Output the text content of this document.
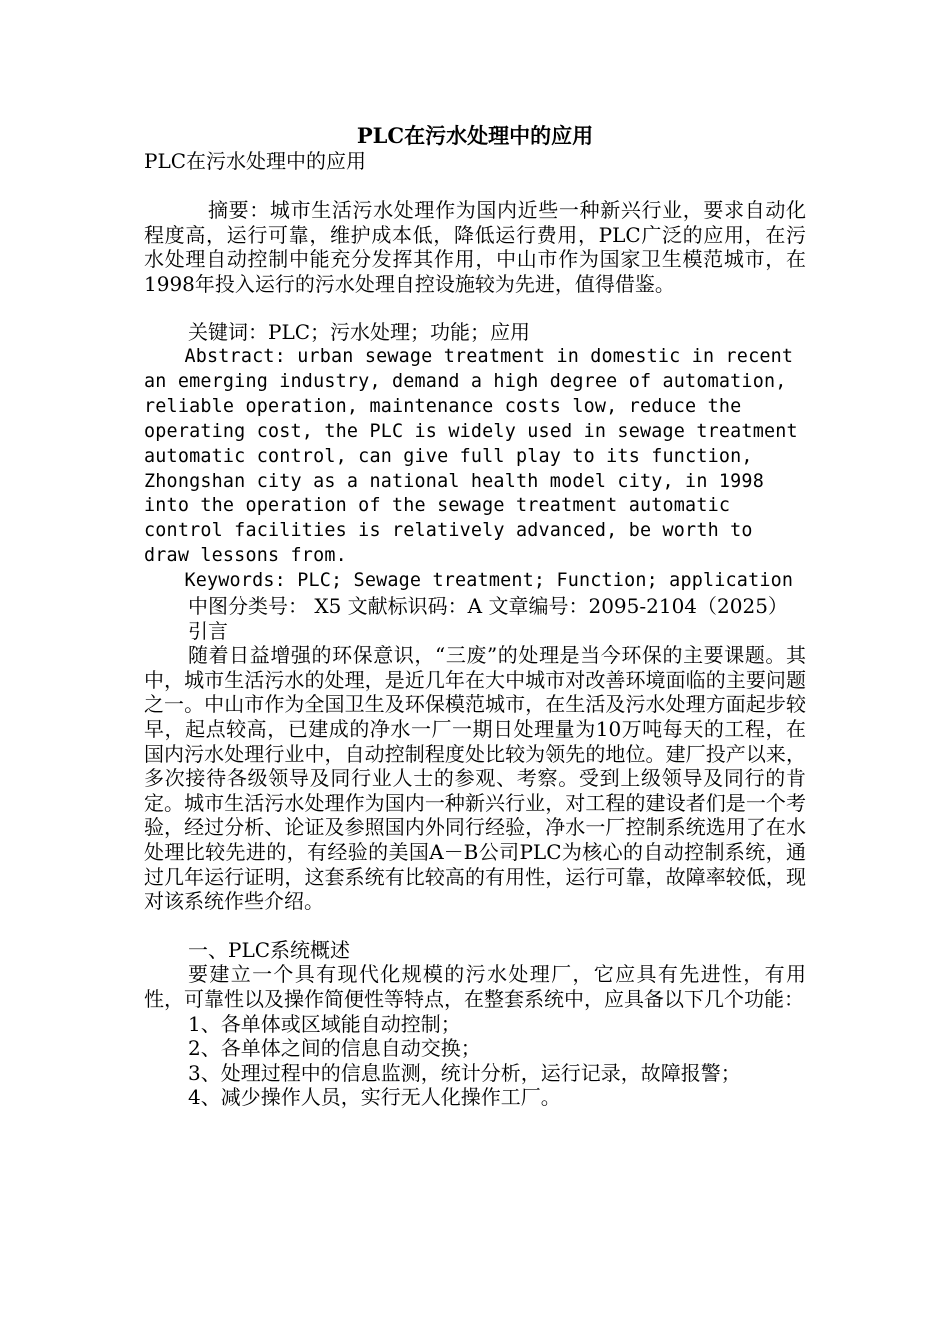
PLC在污水处理中的应用
PLC在污水处理中的应用

摘要：城市生活污水处理作为国内近些一种新兴行业，要求自动化程度高，运行可靠，维护成本低，降低运行费用，PLC广泛的应用，在污水处理自动控制中能充分发挥其作用，中山市作为国家卫生模范城市，在1998年投入运行的污水处理自控设施较为先进，值得借鉴。

关键词：PLC；污水处理；功能；应用

Abstract: urban sewage treatment in domestic in recent an emerging industry, demand a high degree of automation, reliable operation, maintenance costs low, reduce the operating cost, the PLC is widely used in sewage treatment automatic control, can give full play to its function, Zhongshan city as a national health model city, in 1998 into the operation of the sewage treatment automatic control facilities is relatively advanced, be worth to draw lessons from.

Keywords: PLC; Sewage treatment; Function; application

中图分类号： X5 文献标识码：A 文章编号：2095-2104（2025）

引言

随着日益增强的环保意识，“三废”的处理是当今环保的主要课题。其中，城市生活污水的处理，是近几年在大中城市对改善环境面临的主要问题之一。中山市作为全国卫生及环保模范城市，在生活及污水处理方面起步较早，起点较高，已建成的净水一厂一期日处理量为10万吨每天的工程，在国内污水处理行业中，自动控制程度处比较为领先的地位。建厂投产以来，多次接待各级领导及同行业人士的参观、考察。受到上级领导及同行的肯定。城市生活污水处理作为国内一种新兴行业，对工程的建设者们是一个考验，经过分析、论证及参照国内外同行经验，净水一厂控制系统选用了在水处理比较先进的，有经验的美国A－B公司PLC为核心的自动控制系统，通过几年运行证明，这套系统有比较高的有用性，运行可靠，故障率较低，现对该系统作些介绍。

一、PLC系统概述

要建立一个具有现代化规模的污水处理厂，它应具有先进性，有用性，可靠性以及操作简便性等特点，在整套系统中，应具备以下几个功能：

1、各单体或区域能自动控制；

2、各单体之间的信息自动交换；

3、处理过程中的信息监测，统计分析，运行记录，故障报警；

4、减少操作人员，实行无人化操作工厂。
